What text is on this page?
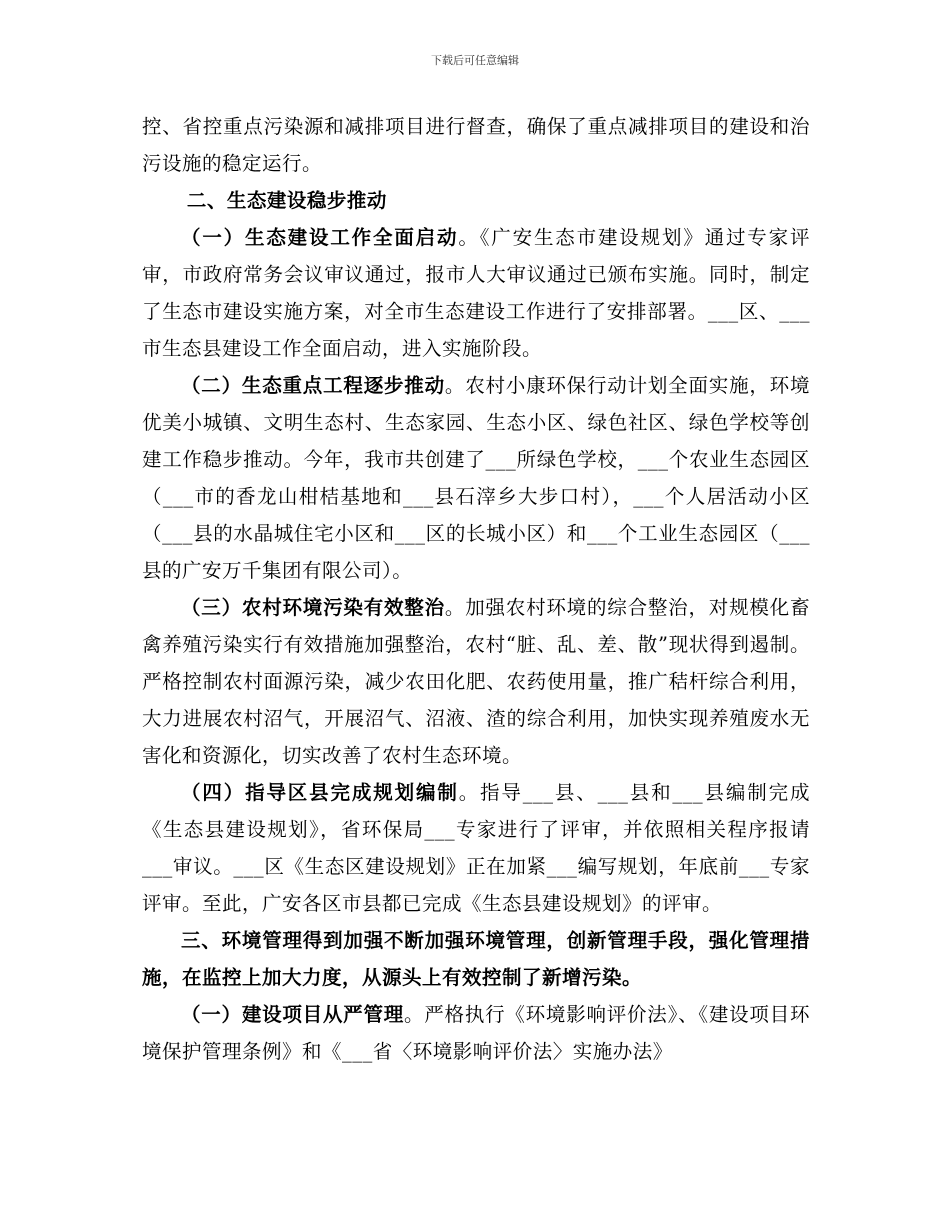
下载后可任意编辑

控、省控重点污染源和减排项目进行督查，确保了重点减排项目的建设和治污设施的稳定运行。

二、生态建设稳步推动

（一）生态建设工作全面启动。《广安生态市建设规划》通过专家评审，市政府常务会议审议通过，报市人大审议通过已颁布实施。同时，制定了生态市建设实施方案，对全市生态建设工作进行了安排部署。___区、___市生态县建设工作全面启动，进入实施阶段。

（二）生态重点工程逐步推动。农村小康环保行动计划全面实施，环境优美小城镇、文明生态村、生态家园、生态小区、绿色社区、绿色学校等创建工作稳步推动。今年，我市共创建了___所绿色学校，___个农业生态园区（___市的香龙山柑桔基地和___县石滓乡大步口村），___个人居活动小区（___县的水晶城住宅小区和___区的长城小区）和___个工业生态园区（___县的广安万千集团有限公司）。

（三）农村环境污染有效整治。加强农村环境的综合整治，对规模化畜禽养殖污染实行有效措施加强整治，农村“脏、乱、差、散”现状得到遏制。严格控制农村面源污染，减少农田化肥、农药使用量，推广秸杆综合利用，大力进展农村沼气，开展沼气、沼液、渣的综合利用，加快实现养殖废水无害化和资源化，切实改善了农村生态环境。

（四）指导区县完成规划编制。指导___县、___县和___县编制完成《生态县建设规划》，省环保局___专家进行了评审，并依照相关程序报请___审议。___区《生态区建设规划》正在加紧___编写规划，年底前___专家评审。至此，广安各区市县都已完成《生态县建设规划》的评审。

三、环境管理得到加强不断加强环境管理，创新管理手段，强化管理措施，在监控上加大力度，从源头上有效控制了新增污染。

（一）建设项目从严管理。严格执行《环境影响评价法》、《建设项目环境保护管理条例》和《___省〈环境影响评价法〉实施办法》
